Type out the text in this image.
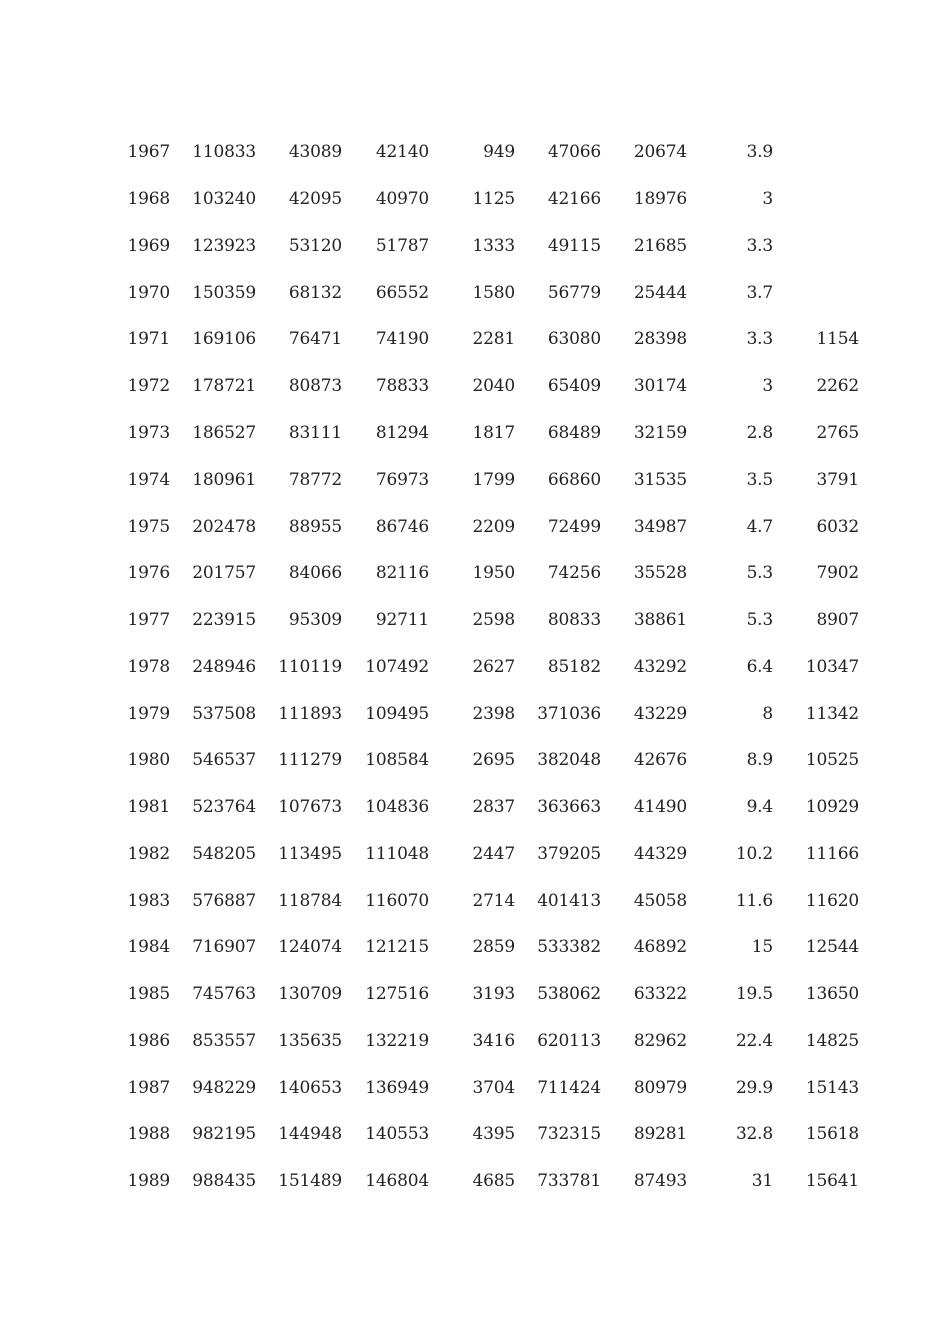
1967	110833	43089	42140	949	47066	20674	3.9	
1968	103240	42095	40970	1125	42166	18976	3	
1969	123923	53120	51787	1333	49115	21685	3.3	
1970	150359	68132	66552	1580	56779	25444	3.7	
1971	169106	76471	74190	2281	63080	28398	3.3	1154
1972	178721	80873	78833	2040	65409	30174	3	2262
1973	186527	83111	81294	1817	68489	32159	2.8	2765
1974	180961	78772	76973	1799	66860	31535	3.5	3791
1975	202478	88955	86746	2209	72499	34987	4.7	6032
1976	201757	84066	82116	1950	74256	35528	5.3	7902
1977	223915	95309	92711	2598	80833	38861	5.3	8907
1978	248946	110119	107492	2627	85182	43292	6.4	10347
1979	537508	111893	109495	2398	371036	43229	8	11342
1980	546537	111279	108584	2695	382048	42676	8.9	10525
1981	523764	107673	104836	2837	363663	41490	9.4	10929
1982	548205	113495	111048	2447	379205	44329	10.2	11166
1983	576887	118784	116070	2714	401413	45058	11.6	11620
1984	716907	124074	121215	2859	533382	46892	15	12544
1985	745763	130709	127516	3193	538062	63322	19.5	13650
1986	853557	135635	132219	3416	620113	82962	22.4	14825
1987	948229	140653	136949	3704	711424	80979	29.9	15143
1988	982195	144948	140553	4395	732315	89281	32.8	15618
1989	988435	151489	146804	4685	733781	87493	31	15641
